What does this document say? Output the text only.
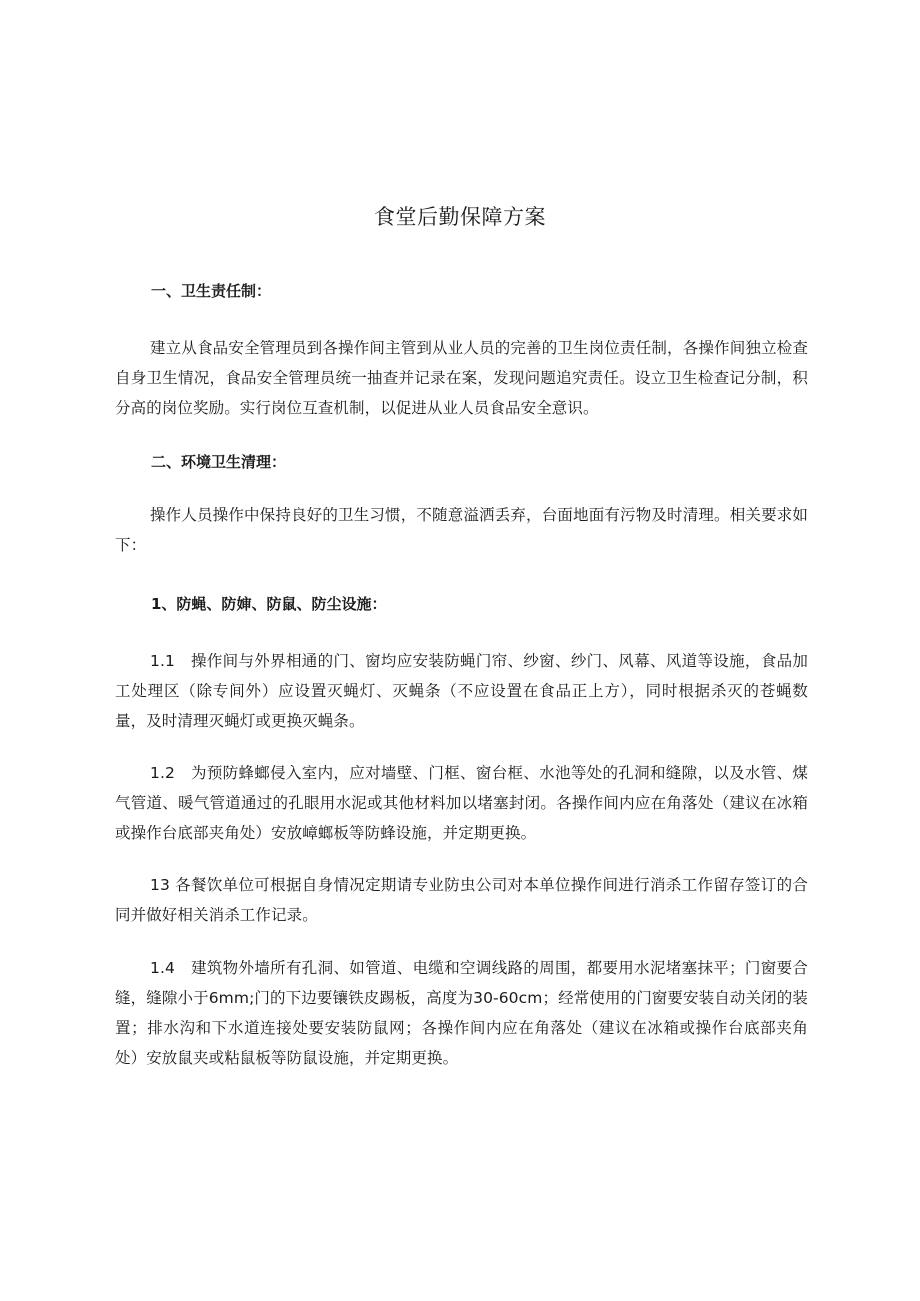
食堂后勤保障方案
一、卫生责任制：

建立从食品安全管理员到各操作间主管到从业人员的完善的卫生岗位责任制，各操作间独立检查自身卫生情况，食品安全管理员统一抽查并记录在案，发现问题追究责任。设立卫生检查记分制，积分高的岗位奖励。实行岗位互查机制，以促进从业人员食品安全意识。

二、环境卫生清理：

操作人员操作中保持良好的卫生习惯，不随意溢洒丢弃，台面地面有污物及时清理。相关要求如下：

1、防蝇、防婶、防鼠、防尘设施：

1.1　操作间与外界相通的门、窗均应安装防蝇门帘、纱窗、纱门、风幕、风道等设施，食品加工处理区（除专间外）应设置灭蝇灯、灭蝇条（不应设置在食品正上方），同时根据杀灭的苍蝇数量，及时清理灭蝇灯或更换灭蝇条。

1.2　为预防蜂螂侵入室内，应对墙壁、门框、窗台框、水池等处的孔洞和缝隙，以及水管、煤气管道、暖气管道通过的孔眼用水泥或其他材料加以堵塞封闭。各操作间内应在角落处（建议在冰箱或操作台底部夹角处）安放嶂螂板等防蜂设施，并定期更换。

13 各餐饮单位可根据自身情况定期请专业防虫公司对本单位操作间进行消杀工作留存签订的合同并做好相关消杀工作记录。

1.4　建筑物外墙所有孔洞、如管道、电缆和空调线路的周围，都要用水泥堵塞抹平；门窗要合缝，缝隙小于6mm;门的下边要镶铁皮踢板，高度为30-60cm；经常使用的门窗要安装自动关闭的装置；排水沟和下水道连接处要安装防鼠网；各操作间内应在角落处（建议在冰箱或操作台底部夹角处）安放鼠夹或粘鼠板等防鼠设施，并定期更换。
